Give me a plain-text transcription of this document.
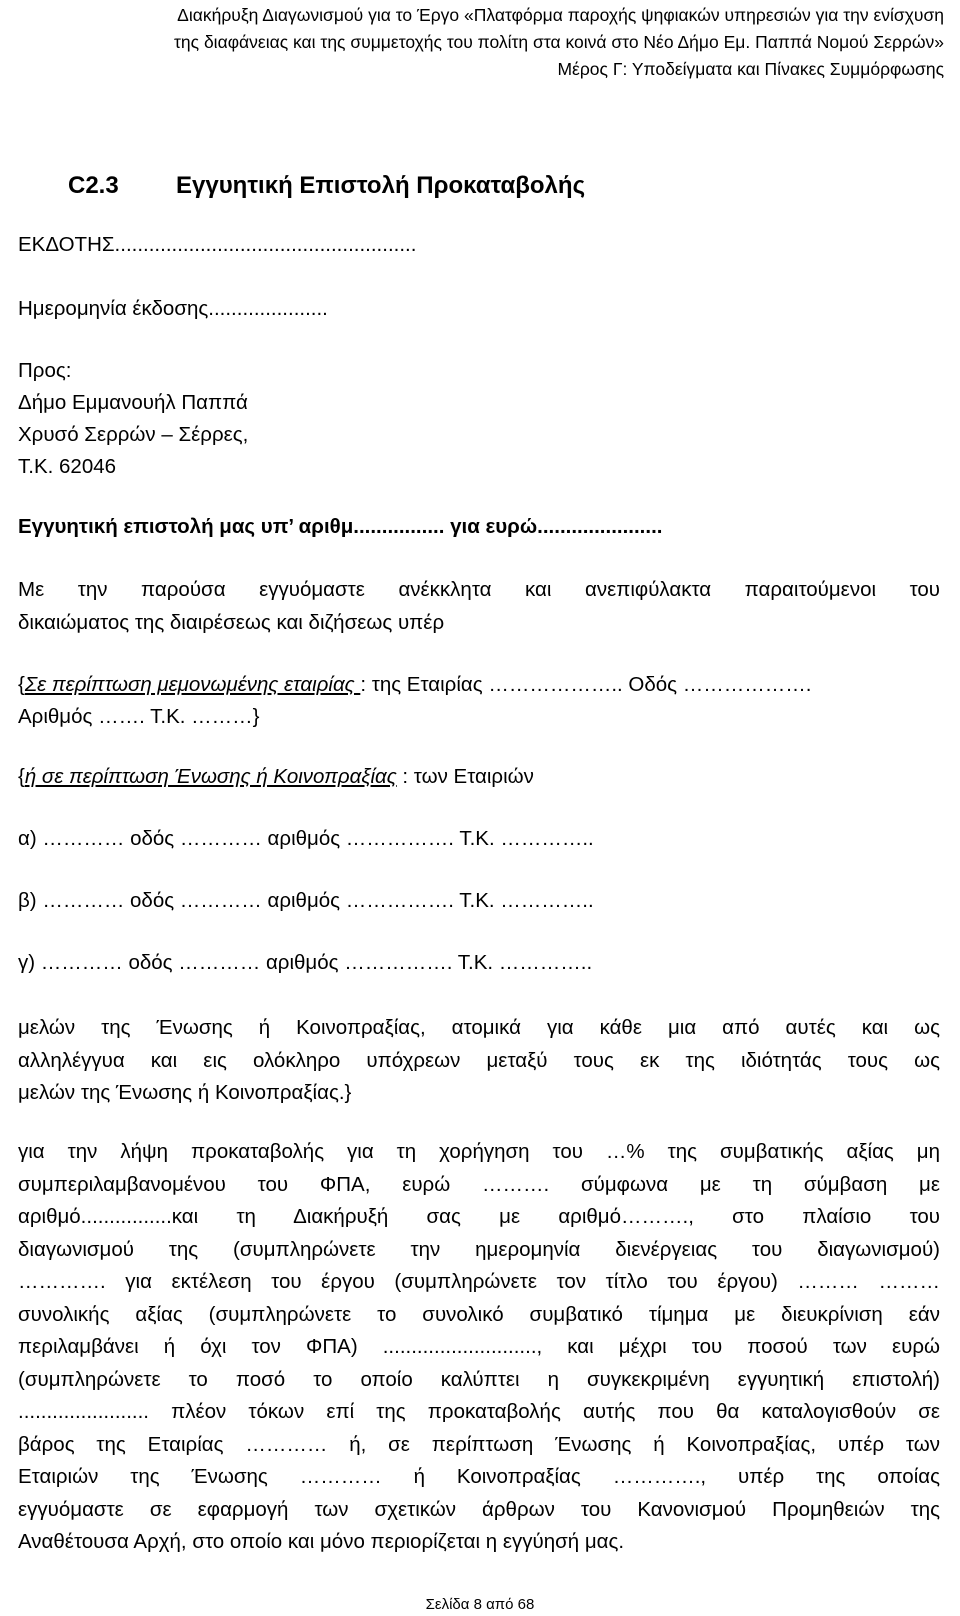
Διακήρυξη Διαγωνισμού για το Έργο «Πλατφόρμα παροχής ψηφιακών υπηρεσιών για την ενίσχυση
της διαφάνειας και της συμμετοχής του πολίτη στα κοινά στο Νέο Δήμο Εμ. Παππά Νομού Σερρών»
Μέρος Γ: Υποδείγματα και Πίνακες Συμμόρφωσης
C2.3 Εγγυητική Επιστολή Προκαταβολής
ΕΚΔΟΤΗΣ.....................................................
Ημερομηνία έκδοσης.....................
Προς:
Δήμο Εμμανουήλ Παππά
Χρυσό Σερρών – Σέρρες,
Τ.Κ. 62046
Εγγυητική επιστολή μας υπ’ αριθμ................ για ευρώ......................
Με την παρούσα εγγυόμαστε ανέκκλητα και ανεπιφύλακτα παραιτούμενοι του
δικαιώματος της διαιρέσεως και διζήσεως υπέρ
{Σε περίπτωση μεμονωμένης εταιρίας : της Εταιρίας ……………….. Οδός ……………….
Αριθμός ……. Τ.Κ. ………}
{ή σε περίπτωση Ένωσης ή Κοινοπραξίας : των Εταιριών
α) ………… οδός ………… αριθμός ……………. Τ.Κ. …………..
β) ………… οδός ………… αριθμός ……………. Τ.Κ. …………..
γ) ………… οδός ………… αριθμός ……………. Τ.Κ. …………..
μελών της Ένωσης ή Κοινοπραξίας, ατομικά για κάθε μια από αυτές και ως
αλληλέγγυα και εις ολόκληρο υπόχρεων μεταξύ τους εκ της ιδιότητάς τους ως
μελών της Ένωσης ή Κοινοπραξίας.}
για την λήψη προκαταβολής για τη χορήγηση του …% της συμβατικής αξίας μη
συμπεριλαμβανομένου του ΦΠΑ, ευρώ ………. σύμφωνα με τη σύμβαση με
αριθμό................και τη Διακήρυξή σας με αριθμό………., στο πλαίσιο του
διαγωνισμού της (συμπληρώνετε την ημερομηνία διενέργειας του διαγωνισμού)
…………. για εκτέλεση του έργου (συμπληρώνετε τον τίτλο του έργου) ……… ………
συνολικής αξίας (συμπληρώνετε το συνολικό συμβατικό τίμημα με διευκρίνιση εάν
περιλαμβάνει ή όχι τον ΦΠΑ) ..........................., και μέχρι του ποσού των ευρώ
(συμπληρώνετε το ποσό το οποίο καλύπτει η συγκεκριμένη εγγυητική επιστολή)
....................... πλέον τόκων επί της προκαταβολής αυτής που θα καταλογισθούν σε
βάρος της Εταιρίας ………… ή, σε περίπτωση Ένωσης ή Κοινοπραξίας, υπέρ των
Εταιριών της Ένωσης ………… ή Κοινοπραξίας …………., υπέρ της οποίας
εγγυόμαστε σε εφαρμογή των σχετικών άρθρων του Κανονισμού Προμηθειών της
Αναθέτουσα Αρχή, στο οποίο και μόνο περιορίζεται η εγγύησή μας.
Σελίδα 8 από 68
